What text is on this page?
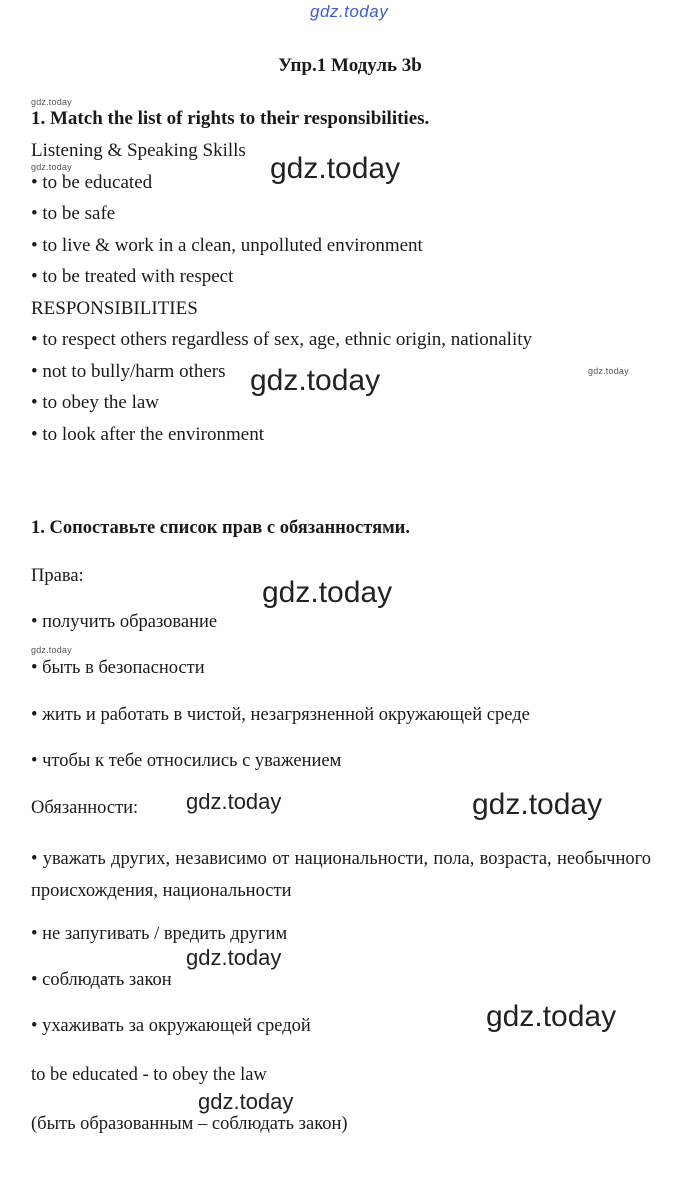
gdz.today
Упр.1 Модуль 3b
gdz.today
1. Match the list of rights to their responsibilities.
Listening & Speaking Skills
gdz.today	gdz.today
• to be educated
• to be safe
• to live & work in a clean, unpolluted environment
• to be treated with respect
RESPONSIBILITIES
• to respect others regardless of sex, age, ethnic origin, nationality
• not to bully/harm others gdz.today	gdz.today
• to obey the law
• to look after the environment
1. Сопоставьте список прав с обязанностями.
Права:	gdz.today
• получить образование
gdz.today
• быть в безопасности
• жить и работать в чистой, незагрязненной окружающей среде
• чтобы к тебе относились с уважением
Обязанности: gdz.today	gdz.today
• уважать других, независимо от национальности, пола, возраста, необычного происхождения, национальности
• не запугивать / вредить другим
gdz.today
• соблюдать закон
• ухаживать за окружающей средой	gdz.today
to be educated - to obey the law
gdz.today
(быть образованным – соблюдать закон)
